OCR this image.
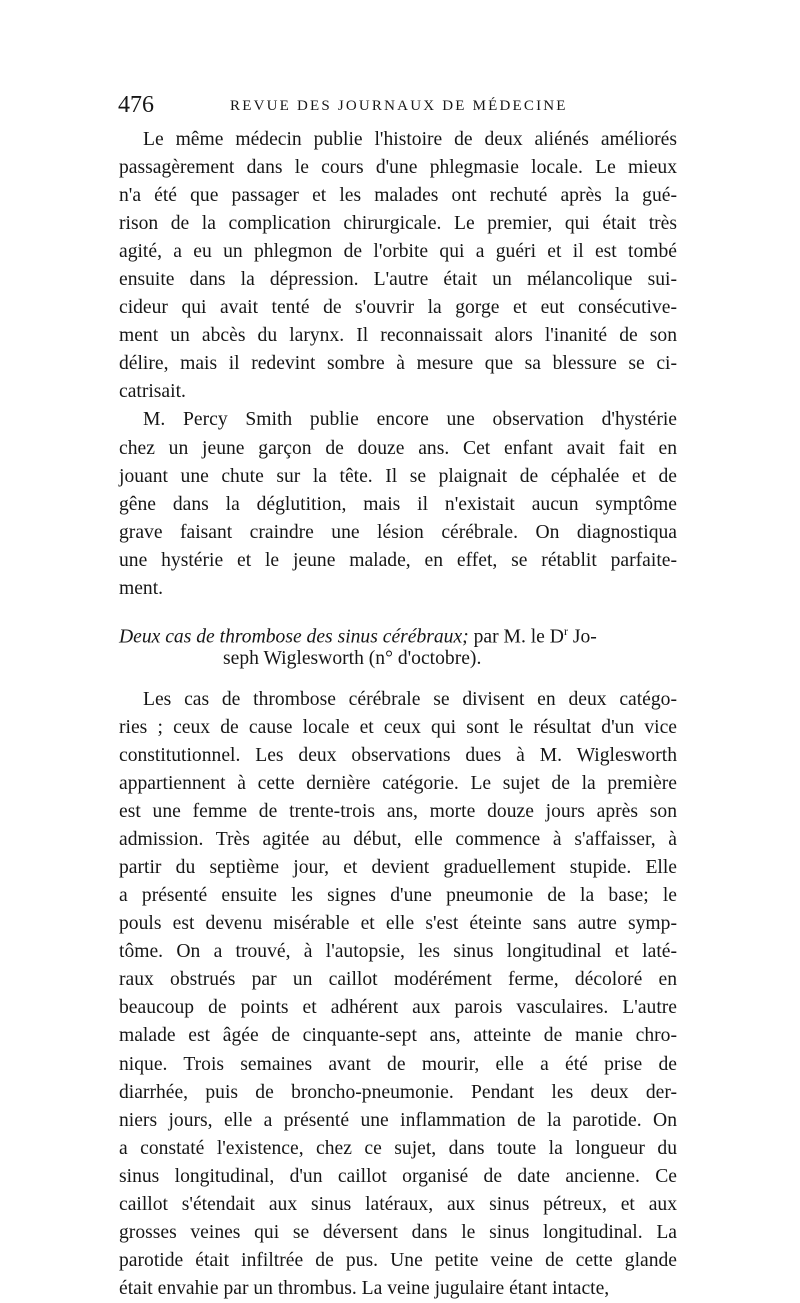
476	REVUE DES JOURNAUX DE MÉDECINE
Le même médecin publie l'histoire de deux aliénés améliorés
passagèrement dans le cours d'une phlegmasie locale. Le mieux
n'a été que passager et les malades ont rechuté après la gué-
rison de la complication chirurgicale. Le premier, qui était très
agité, a eu un phlegmon de l'orbite qui a guéri et il est tombé
ensuite dans la dépression. L'autre était un mélancolique sui-
cideur qui avait tenté de s'ouvrir la gorge et eut consécutive-
ment un abcès du larynx. Il reconnaissait alors l'inanité de son
délire, mais il redevint sombre à mesure que sa blessure se ci-
catrisait.
M. Percy Smith publie encore une observation d'hystérie
chez un jeune garçon de douze ans. Cet enfant avait fait en
jouant une chute sur la tête. Il se plaignait de céphalée et de
gêne dans la déglutition, mais il n'existait aucun symptôme
grave faisant craindre une lésion cérébrale. On diagnostiqua
une hystérie et le jeune malade, en effet, se rétablit parfaite-
ment.
Deux cas de thrombose des sinus cérébraux; par M. le $D^r$ Jo-
seph Wiglesworth (n° d'octobre).
Les cas de thrombose cérébrale se divisent en deux catégo-
ries ; ceux de cause locale et ceux qui sont le résultat d'un vice
constitutionnel. Les deux observations dues à M. Wiglesworth
appartiennent à cette dernière catégorie. Le sujet de la première
est une femme de trente-trois ans, morte douze jours après son
admission. Très agitée au début, elle commence à s'affaisser, à
partir du septième jour, et devient graduellement stupide. Elle
a présenté ensuite les signes d'une pneumonie de la base; le
pouls est devenu misérable et elle s'est éteinte sans autre symp-
tôme. On a trouvé, à l'autopsie, les sinus longitudinal et laté-
raux obstrués par un caillot modérément ferme, décoloré en
beaucoup de points et adhérent aux parois vasculaires. L'autre
malade est âgée de cinquante-sept ans, atteinte de manie chro-
nique. Trois semaines avant de mourir, elle a été prise de
diarrhée, puis de broncho-pneumonie. Pendant les deux der-
niers jours, elle a présenté une inflammation de la parotide. On
a constaté l'existence, chez ce sujet, dans toute la longueur du
sinus longitudinal, d'un caillot organisé de date ancienne. Ce
caillot s'étendait aux sinus latéraux, aux sinus pétreux, et aux
grosses veines qui se déversent dans le sinus longitudinal. La
parotide était infiltrée de pus. Une petite veine de cette glande
était envahie par un thrombus. La veine jugulaire étant intacte,
